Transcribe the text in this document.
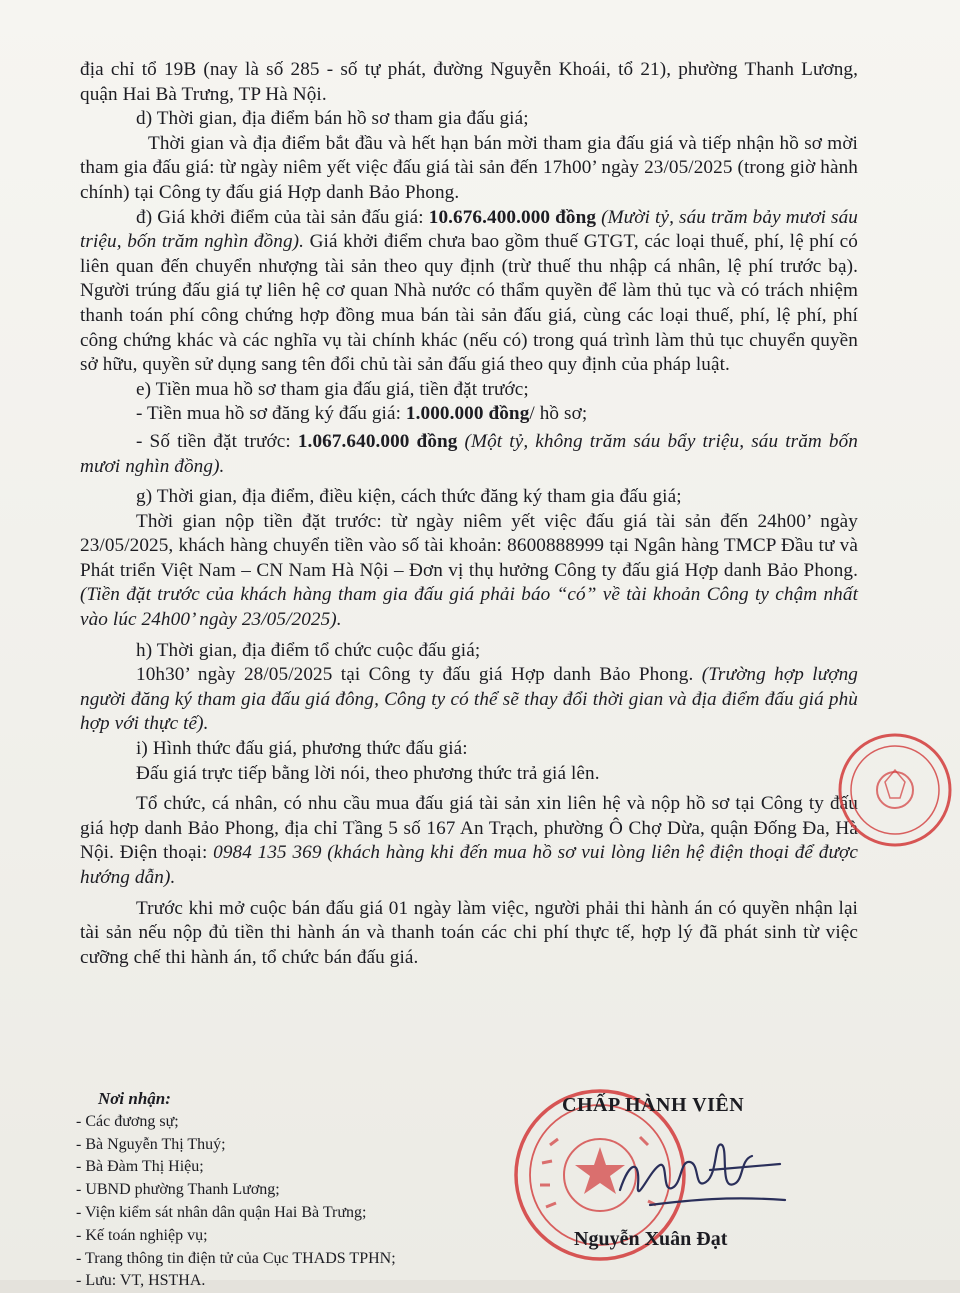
địa chỉ tổ 19B (nay là số 285 - số tự phát, đường Nguyễn Khoái, tổ 21), phường Thanh Lương, quận Hai Bà Trưng, TP Hà Nội.

d) Thời gian, địa điểm bán hồ sơ tham gia đấu giá;

Thời gian và địa điểm bắt đầu và hết hạn bán mời tham gia đấu giá và tiếp nhận hồ sơ mời tham gia đấu giá: từ ngày niêm yết việc đấu giá tài sản đến 17h00’ ngày 23/05/2025 (trong giờ hành chính) tại Công ty đấu giá Hợp danh Bảo Phong.

đ) Giá khởi điểm của tài sản đấu giá: 10.676.400.000 đồng (Mười tỷ, sáu trăm bảy mươi sáu triệu, bốn trăm nghìn đồng). Giá khởi điểm chưa bao gồm thuế GTGT, các loại thuế, phí, lệ phí có liên quan đến chuyển nhượng tài sản theo quy định (trừ thuế thu nhập cá nhân, lệ phí trước bạ). Người trúng đấu giá tự liên hệ cơ quan Nhà nước có thẩm quyền để làm thủ tục và có trách nhiệm thanh toán phí công chứng hợp đồng mua bán tài sản đấu giá, cùng các loại thuế, phí, lệ phí, phí công chứng khác và các nghĩa vụ tài chính khác (nếu có) trong quá trình làm thủ tục chuyển quyền sở hữu, quyền sử dụng sang tên đổi chủ tài sản đấu giá theo quy định của pháp luật.

e) Tiền mua hồ sơ tham gia đấu giá, tiền đặt trước;

- Tiền mua hồ sơ đăng ký đấu giá: 1.000.000 đồng/ hồ sơ;

- Số tiền đặt trước: 1.067.640.000 đồng (Một tỷ, không trăm sáu bẩy triệu, sáu trăm bốn mươi nghìn đồng).

g) Thời gian, địa điểm, điều kiện, cách thức đăng ký tham gia đấu giá;

Thời gian nộp tiền đặt trước: từ ngày niêm yết việc đấu giá tài sản đến 24h00’ ngày 23/05/2025, khách hàng chuyển tiền vào số tài khoản: 8600888999 tại Ngân hàng TMCP Đầu tư và Phát triển Việt Nam – CN Nam Hà Nội – Đơn vị thụ hưởng Công ty đấu giá Hợp danh Bảo Phong. (Tiền đặt trước của khách hàng tham gia đấu giá phải báo “có” về tài khoản Công ty chậm nhất vào lúc 24h00’ ngày 23/05/2025).

h) Thời gian, địa điểm tổ chức cuộc đấu giá;

10h30’ ngày 28/05/2025 tại Công ty đấu giá Hợp danh Bảo Phong. (Trường hợp lượng người đăng ký tham gia đấu giá đông, Công ty có thể sẽ thay đổi thời gian và địa điểm đấu giá phù hợp với thực tế).

i) Hình thức đấu giá, phương thức đấu giá:

Đấu giá trực tiếp bằng lời nói, theo phương thức trả giá lên.

Tổ chức, cá nhân, có nhu cầu mua đấu giá tài sản xin liên hệ và nộp hồ sơ tại Công ty đấu giá hợp danh Bảo Phong, địa chỉ Tầng 5 số 167 An Trạch, phường Ô Chợ Dừa, quận Đống Đa, Hà Nội. Điện thoại: 0984 135 369 (khách hàng khi đến mua hồ sơ vui lòng liên hệ điện thoại để được hướng dẫn).

Trước khi mở cuộc bán đấu giá 01 ngày làm việc, người phải thi hành án có quyền nhận lại tài sản nếu nộp đủ tiền thi hành án và thanh toán các chi phí thực tế, hợp lý đã phát sinh từ việc cưỡng chế thi hành án, tổ chức bán đấu giá.

Nơi nhận:
- Các đương sự;
- Bà Nguyễn Thị Thuý;
- Bà Đàm Thị Hiệu;
- UBND phường Thanh Lương;
- Viện kiểm sát nhân dân quận Hai Bà Trưng;
- Kế toán nghiệp vụ;
- Trang thông tin điện tử của Cục THADS TPHN;
- Lưu: VT, HSTHA.
CHẤP HÀNH VIÊN
Nguyễn Xuân Đạt
